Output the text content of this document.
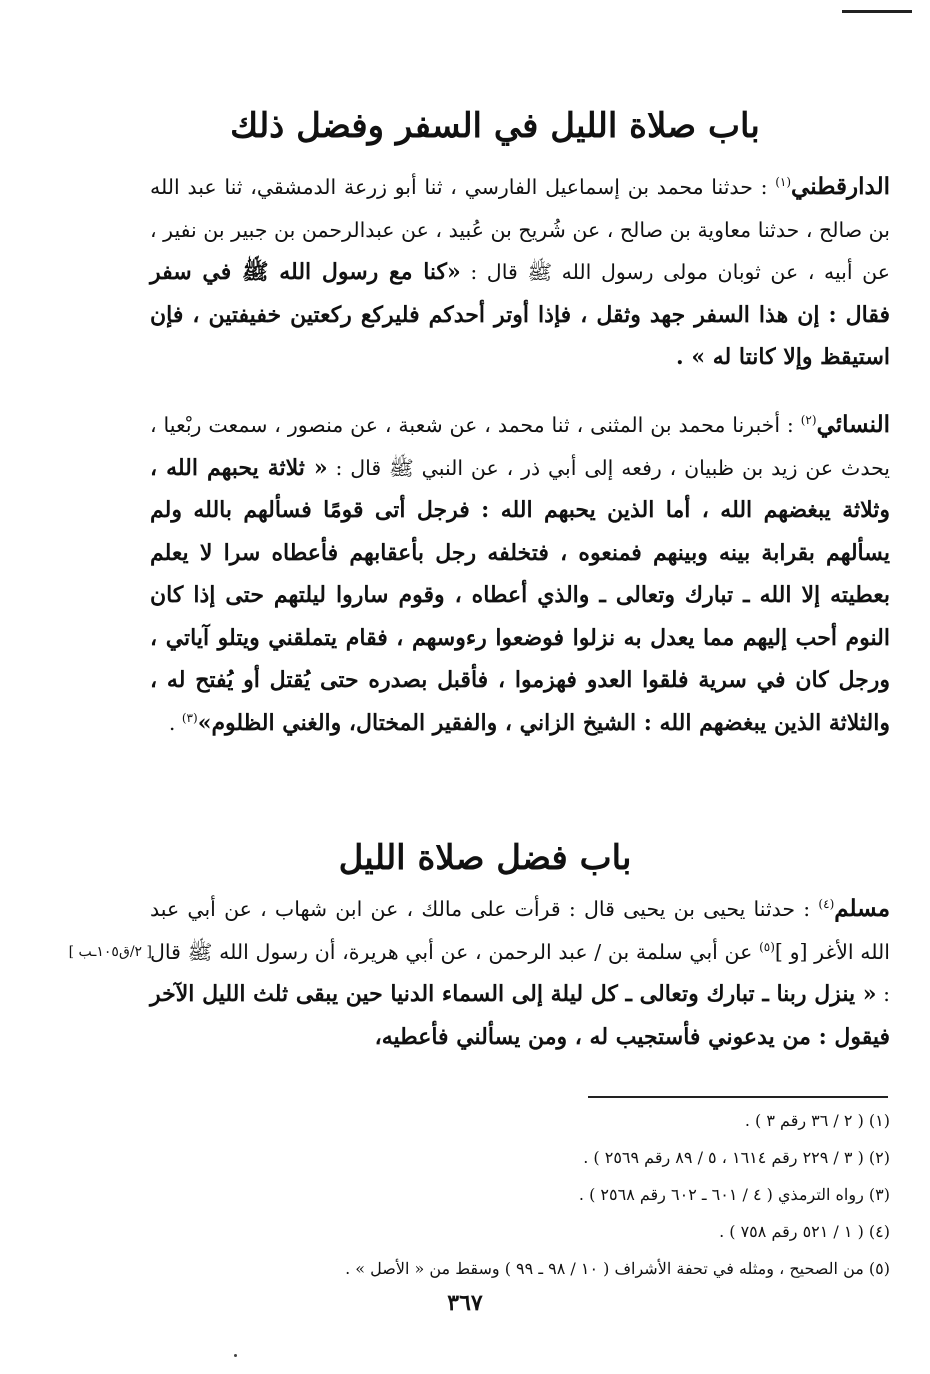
باب صلاة الليل في السفر وفضل ذلك

الدارقطني$^{(١)}$ : حدثنا محمد بن إسماعيل الفارسي ، ثنا أبو زرعة الدمشقي، ثنا عبد الله بن صالح ، حدثنا معاوية بن صالح ، عن شُريح بن عُبيد ، عن عبدالرحمن بن جبير بن نفير ، عن أبيه ، عن ثوبان مولى رسول الله ﷺ قال : «كنا مع رسول الله ﷺ في سفر فقال : إن هذا السفر جهد وثقل ، فإذا أوتر أحدكم فليركع ركعتين خفيفتين ، فإن استيقظ وإلا كانتا له » .

النسائي$^{(٢)}$ : أخبرنا محمد بن المثنى ، ثنا محمد ، عن شعبة ، عن منصور ، سمعت ربْعيا ، يحدث عن زيد بن ظبيان ، رفعه إلى أبي ذر ، عن النبي ﷺ قال : « ثلاثة يحبهم الله ، وثلاثة يبغضهم الله ، أما الذين يحبهم الله : فرجل أتى قومًا فسألهم بالله ولم يسألهم بقرابة بينه وبينهم فمنعوه ، فتخلفه رجل بأعقابهم فأعطاه سرا لا يعلم بعطيته إلا الله ـ تبارك وتعالى ـ والذي أعطاه ، وقوم ساروا ليلتهم حتى إذا كان النوم أحب إليهم مما يعدل به نزلوا فوضعوا رءوسهم ، فقام يتملقني ويتلو آياتي ، ورجل كان في سرية فلقوا العدو فهزموا ، فأقبل بصدره حتى يُقتل أو يُفتح له ، والثلاثة الذين يبغضهم الله : الشيخ الزاني ، والفقير المختال، والغني الظلوم»$^{(٣)}$ .

باب فضل صلاة الليل

مسلم$^{(٤)}$ : حدثنا يحيى بن يحيى قال : قرأت على مالك ، عن ابن شهاب ، عن أبي عبد الله الأغر [و ]$^{(٥)}$ عن أبي سلمة بن / عبد الرحمن ، عن أبي هريرة، أن رسول الله ﷺ قال : « ينزل ربنا ـ تبارك وتعالى ـ كل ليلة إلى السماء الدنيا حين يبقى ثلث الليل الآخر فيقول : من يدعوني فأستجيب له ، ومن يسألني فأعطيه،

[ ٢/ق١٠٥ـب ]
(١) ( ٢ / ٣٦ رقم ٣ ) .
(٢) ( ٣ / ٢٢٩ رقم ١٦١٤ ، ٥ / ٨٩ رقم ٢٥٦٩ ) .
(٣) رواه الترمذي ( ٤ / ٦٠١ ـ ٦٠٢ رقم ٢٥٦٨ ) .
(٤) ( ١ / ٥٢١ رقم ٧٥٨ ) .
(٥) من الصحيح ، ومثله في تحفة الأشراف ( ١٠ / ٩٨ ـ ٩٩ ) وسقط من « الأصل » .
٣٦٧
